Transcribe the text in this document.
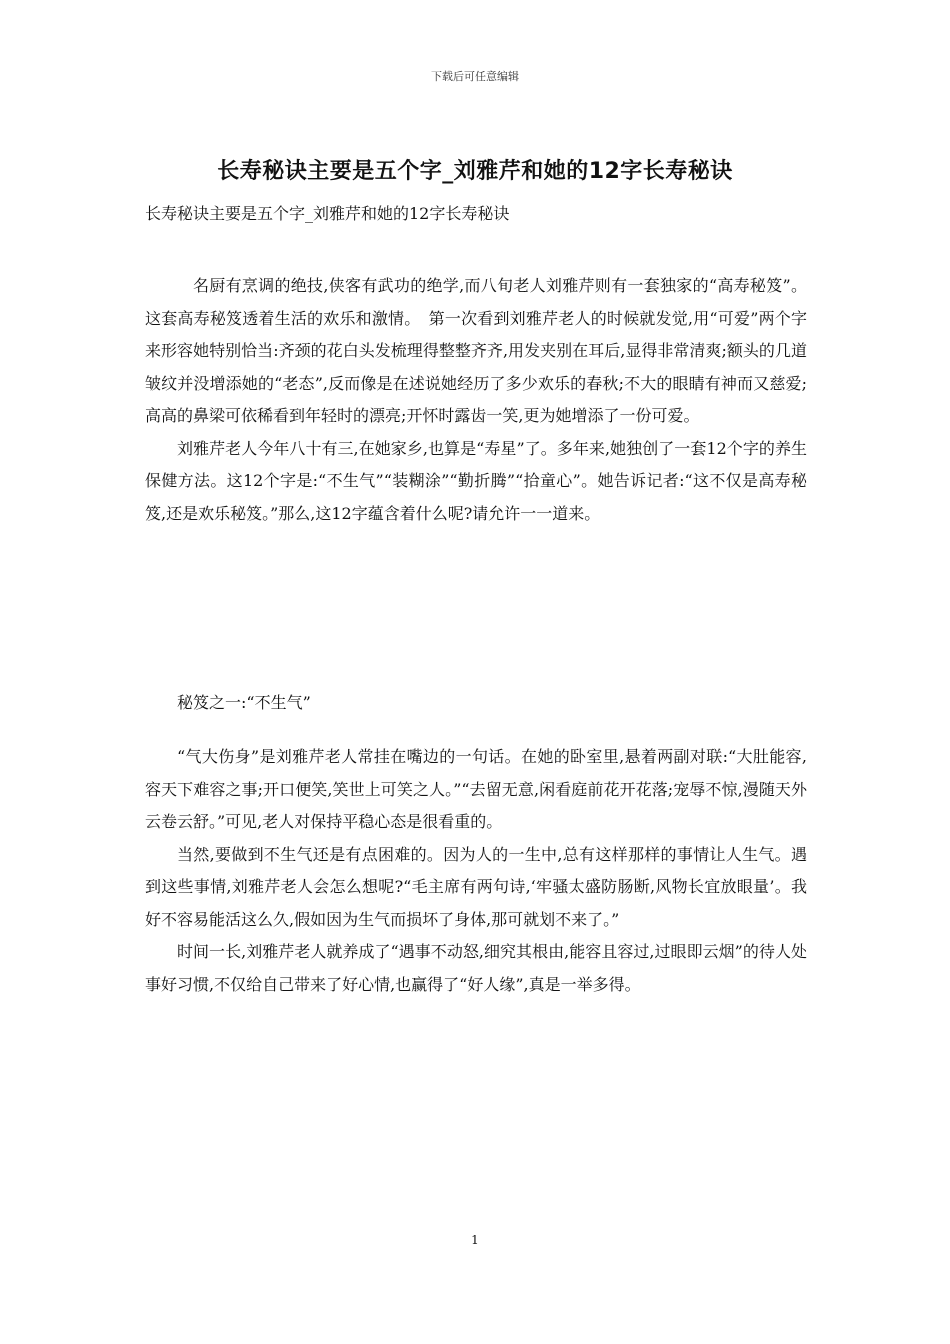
下载后可任意编辑
长寿秘诀主要是五个字_刘雅芹和她的12字长寿秘诀
长寿秘诀主要是五个字_刘雅芹和她的12字长寿秘诀

名厨有烹调的绝技,侠客有武功的绝学,而八旬老人刘雅芹则有一套独家的“高寿秘笈”。这套高寿秘笈透着生活的欢乐和激情。　第一次看到刘雅芹老人的时候就发觉,用“可爱”两个字来形容她特别恰当:齐颈的花白头发梳理得整整齐齐,用发夹别在耳后,显得非常清爽;额头的几道皱纹并没增添她的“老态”,反而像是在述说她经历了多少欢乐的春秋;不大的眼睛有神而又慈爱;高高的鼻梁可依稀看到年轻时的漂亮;开怀时露齿一笑,更为她增添了一份可爱。

刘雅芹老人今年八十有三,在她家乡,也算是“寿星”了。多年来,她独创了一套12个字的养生保健方法。这12个字是:“不生气”“装糊涂”“勤折腾”“拾童心”。她告诉记者:“这不仅是高寿秘笈,还是欢乐秘笈。”那么,这12字蕴含着什么呢?请允许一一道来。

秘笈之一:“不生气”

“气大伤身”是刘雅芹老人常挂在嘴边的一句话。在她的卧室里,悬着两副对联:“大肚能容,容天下难容之事;开口便笑,笑世上可笑之人。”“去留无意,闲看庭前花开花落;宠辱不惊,漫随天外云卷云舒。”可见,老人对保持平稳心态是很看重的。

当然,要做到不生气还是有点困难的。因为人的一生中,总有这样那样的事情让人生气。遇到这些事情,刘雅芹老人会怎么想呢?“毛主席有两句诗,‘牢骚太盛防肠断,风物长宜放眼量’。我好不容易能活这么久,假如因为生气而损坏了身体,那可就划不来了。”

时间一长,刘雅芹老人就养成了“遇事不动怒,细究其根由,能容且容过,过眼即云烟”的待人处事好习惯,不仅给自己带来了好心情,也赢得了“好人缘”,真是一举多得。

1
